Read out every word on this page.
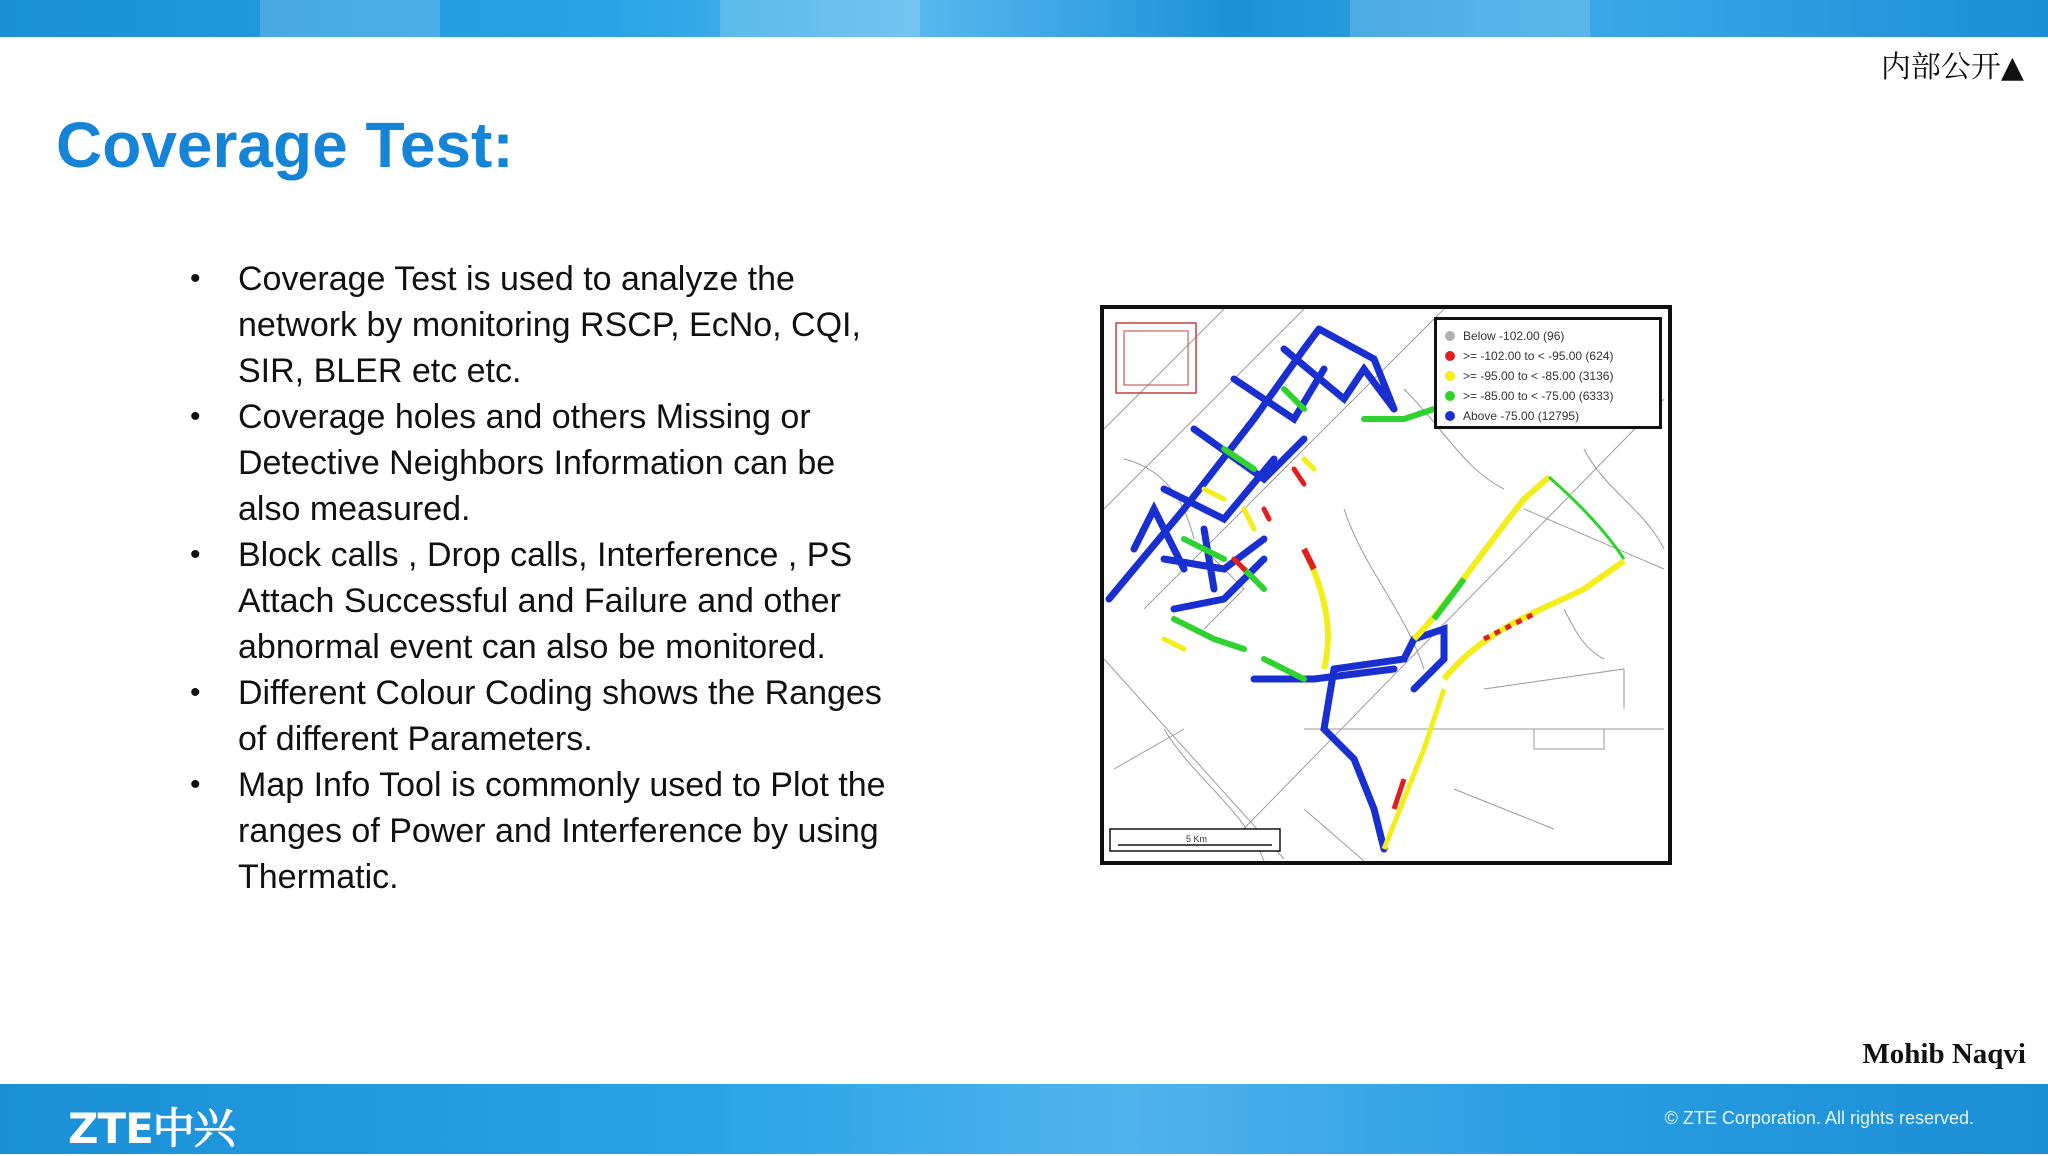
内部公开▲
Coverage Test:
• Coverage Test is used to analyze the network by monitoring RSCP, EcNo, CQI, SIR, BLER etc etc.
• Coverage holes and others Missing or Detective Neighbors Information can be also measured.
• Block calls , Drop calls, Interference , PS Attach Successful and Failure and other abnormal event can also be monitored.
• Different Colour Coding shows the Ranges of different Parameters.
• Map Info Tool is commonly used to Plot the ranges of Power and Interference by using Thermatic.
5 Km
Below -102.00 (96)
>= -102.00 to < -95.00 (624)
>= -95.00 to < -85.00 (3136)
>= -85.00 to < -75.00 (6333)
Above -75.00 (12795)
Mohib Naqvi
ZTE中兴	© ZTE Corporation. All rights reserved.
